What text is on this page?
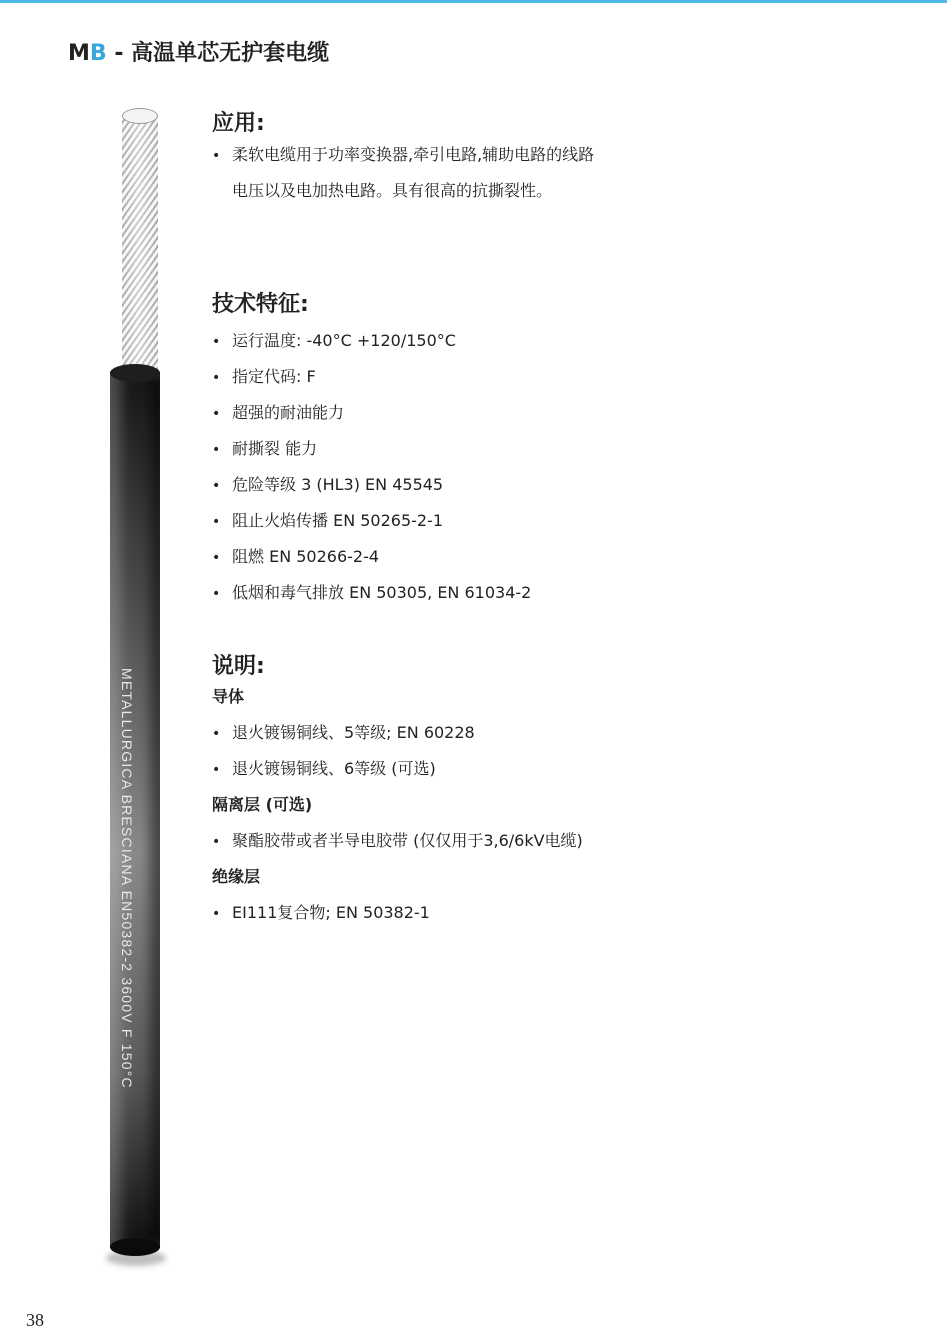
MB - 高温单芯无护套电缆
METALLURGICA BRESCIANA EN50382-2 3600V F 150°C
应用:
• 柔软电缆用于功率变换器,牵引电路,辅助电路的线路
电压以及电加热电路。具有很高的抗撕裂性。
技术特征:
• 运行温度: -40°C +120/150°C
• 指定代码: F
• 超强的耐油能力
• 耐撕裂 能力
• 危险等级 3 (HL3) EN 45545
• 阻止火焰传播 EN 50265-2-1
• 阻燃 EN 50266-2-4
• 低烟和毒气排放 EN 50305, EN 61034-2
说明:
导体
• 退火镀锡铜线、5等级; EN 60228
• 退火镀锡铜线、6等级 (可选)
隔离层 (可选)
• 聚酯胶带或者半导电胶带 (仅仅用于3,6/6kV电缆)
绝缘层
• EI111复合物; EN 50382-1
38
